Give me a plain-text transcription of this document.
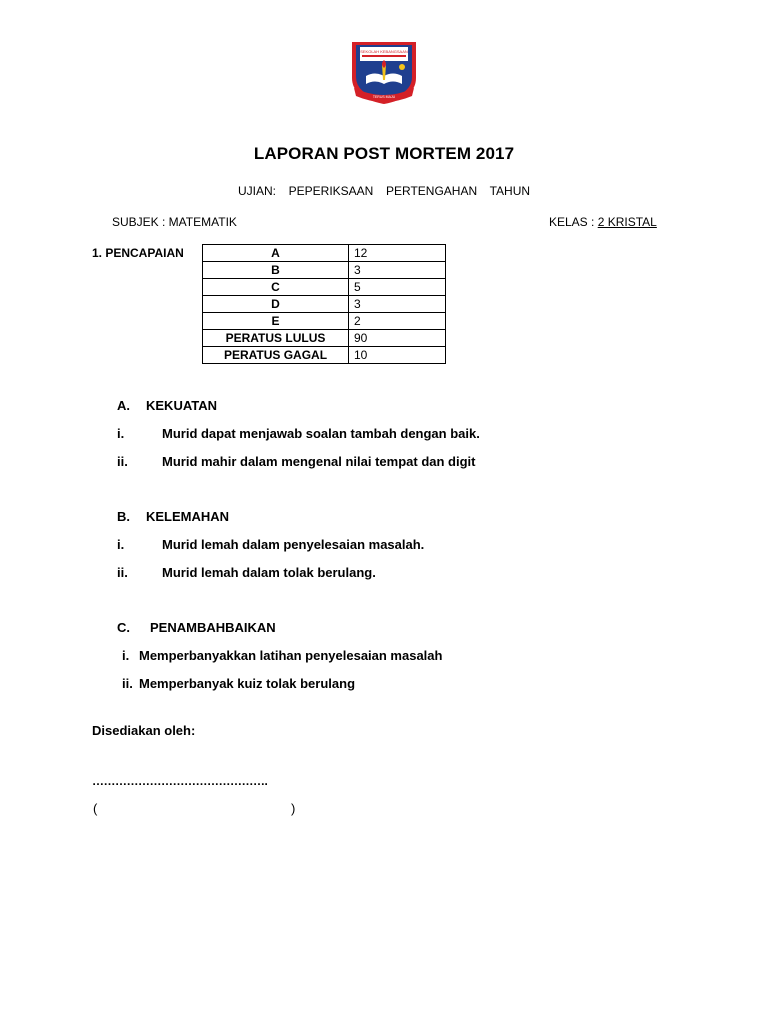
SEKOLAH KEBANGSAAN
TERUS MAJU
LAPORAN POST MORTEM 2017
UJIAN:  PEPERIKSAAN  PERTENGAHAN  TAHUN
SUBJEK : MATEMATIK	KELAS : 2 KRISTAL
1. PENCAPAIAN	A	12
B	3
C	5
D	3
E	2
PERATUS LULUS	90
PERATUS GAGAL	10
A. KEKUATAN
i.	Murid dapat menjawab soalan tambah dengan baik.
ii.	Murid mahir dalam mengenal nilai tempat dan digit
B. KELEMAHAN
i.	Murid lemah dalam penyelesaian masalah.
ii.	Murid lemah dalam tolak berulang.
C. PENAMBAHBAIKAN
i. Memperbanyakkan latihan penyelesaian masalah
ii. Memperbanyak kuiz tolak berulang
Disediakan oleh:
……………………………………….
(	)
